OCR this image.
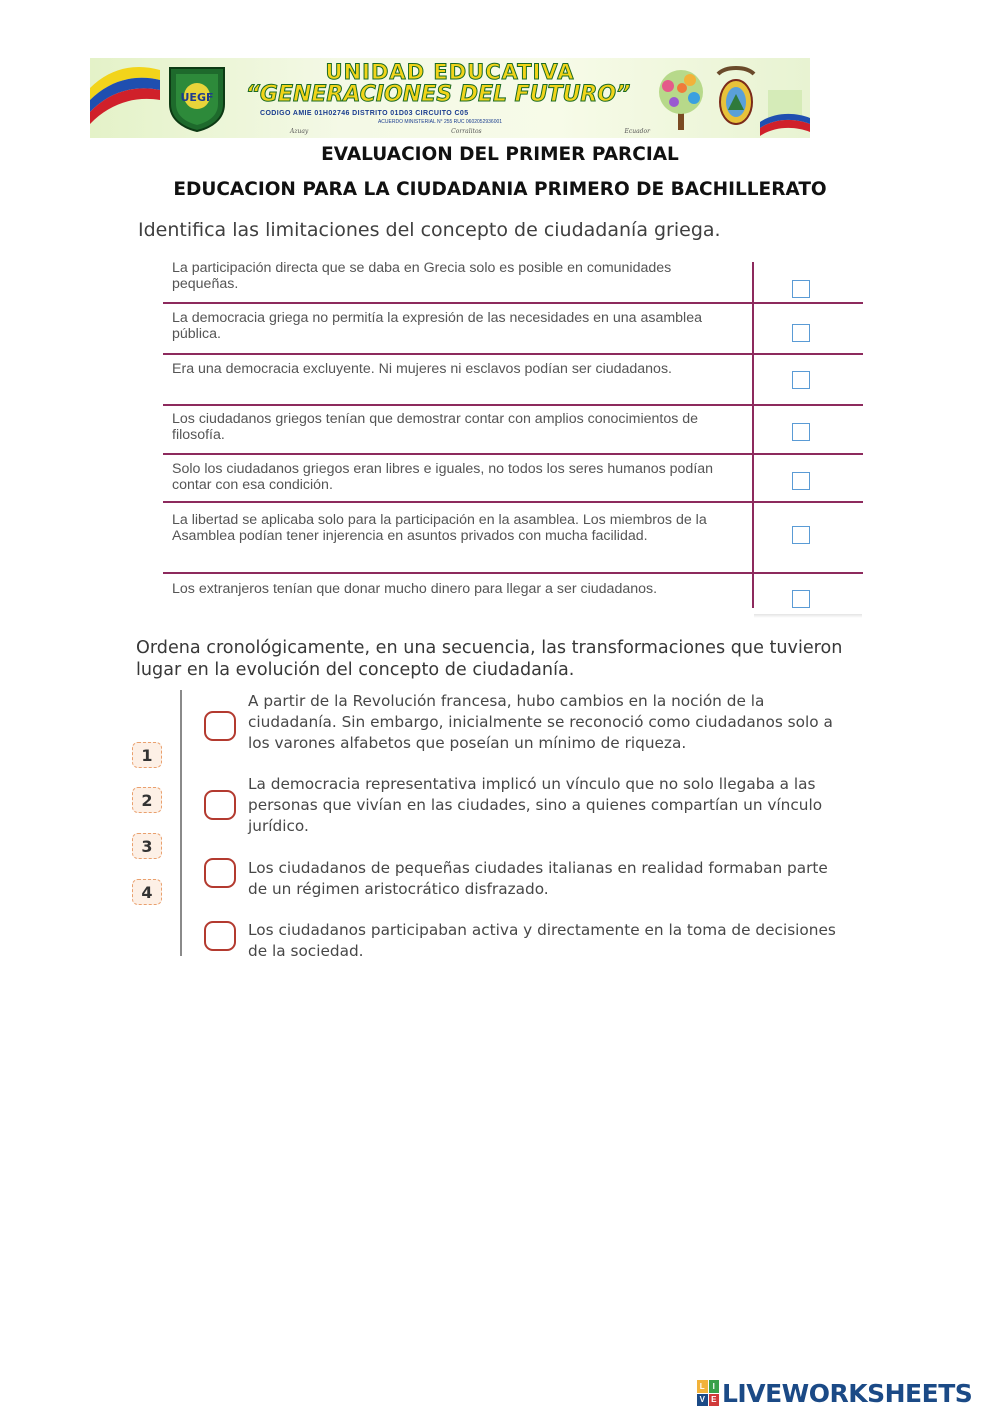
UEGF
UNIDAD EDUCATIVA
“GENERACIONES DEL FUTURO”
CODIGO AMIE 01H02746 DISTRITO 01D03 CIRCUITO C05
ACUERDO MINISTERIAL N° 255 RUC 0602052936001
Azuay	Corralitos	Ecuador
EVALUACION DEL PRIMER PARCIAL
EDUCACION PARA LA CIUDADANIA PRIMERO DE BACHILLERATO
Identifica las limitaciones del concepto de ciudadanía griega.
La participación directa que se daba en Grecia solo es posible en comunidades pequeñas.
La democracia griega no permitía la expresión de las necesidades en una asamblea pública.
Era una democracia excluyente. Ni mujeres ni esclavos podían ser ciudadanos.
Los ciudadanos griegos tenían que demostrar contar con amplios conocimientos de filosofía.
Solo los ciudadanos griegos eran libres e iguales, no todos los seres humanos podían contar con esa condición.
La libertad se aplicaba solo para la participación en la asamblea. Los miembros de la Asamblea podían tener injerencia en asuntos privados con mucha facilidad.
Los extranjeros tenían que donar mucho dinero para llegar a ser ciudadanos.
Ordena cronológicamente, en una secuencia, las transformaciones que tuvieron lugar en la evolución del concepto de ciudadanía.
1
2
3
4
A partir de la Revolución francesa, hubo cambios en la noción de la ciudadanía. Sin embargo, inicialmente se reconoció como ciudadanos solo a los varones alfabetos que poseían un mínimo de riqueza.
La democracia representativa implicó un vínculo que no solo llegaba a las personas que vivían en las ciudades, sino a quienes compartían un vínculo jurídico.
Los ciudadanos de pequeñas ciudades italianas en realidad formaban parte de un régimen aristocrático disfrazado.
Los ciudadanos participaban activa y directamente en la toma de decisiones de la sociedad.
L I
V E LIVEWORKSHEETS
